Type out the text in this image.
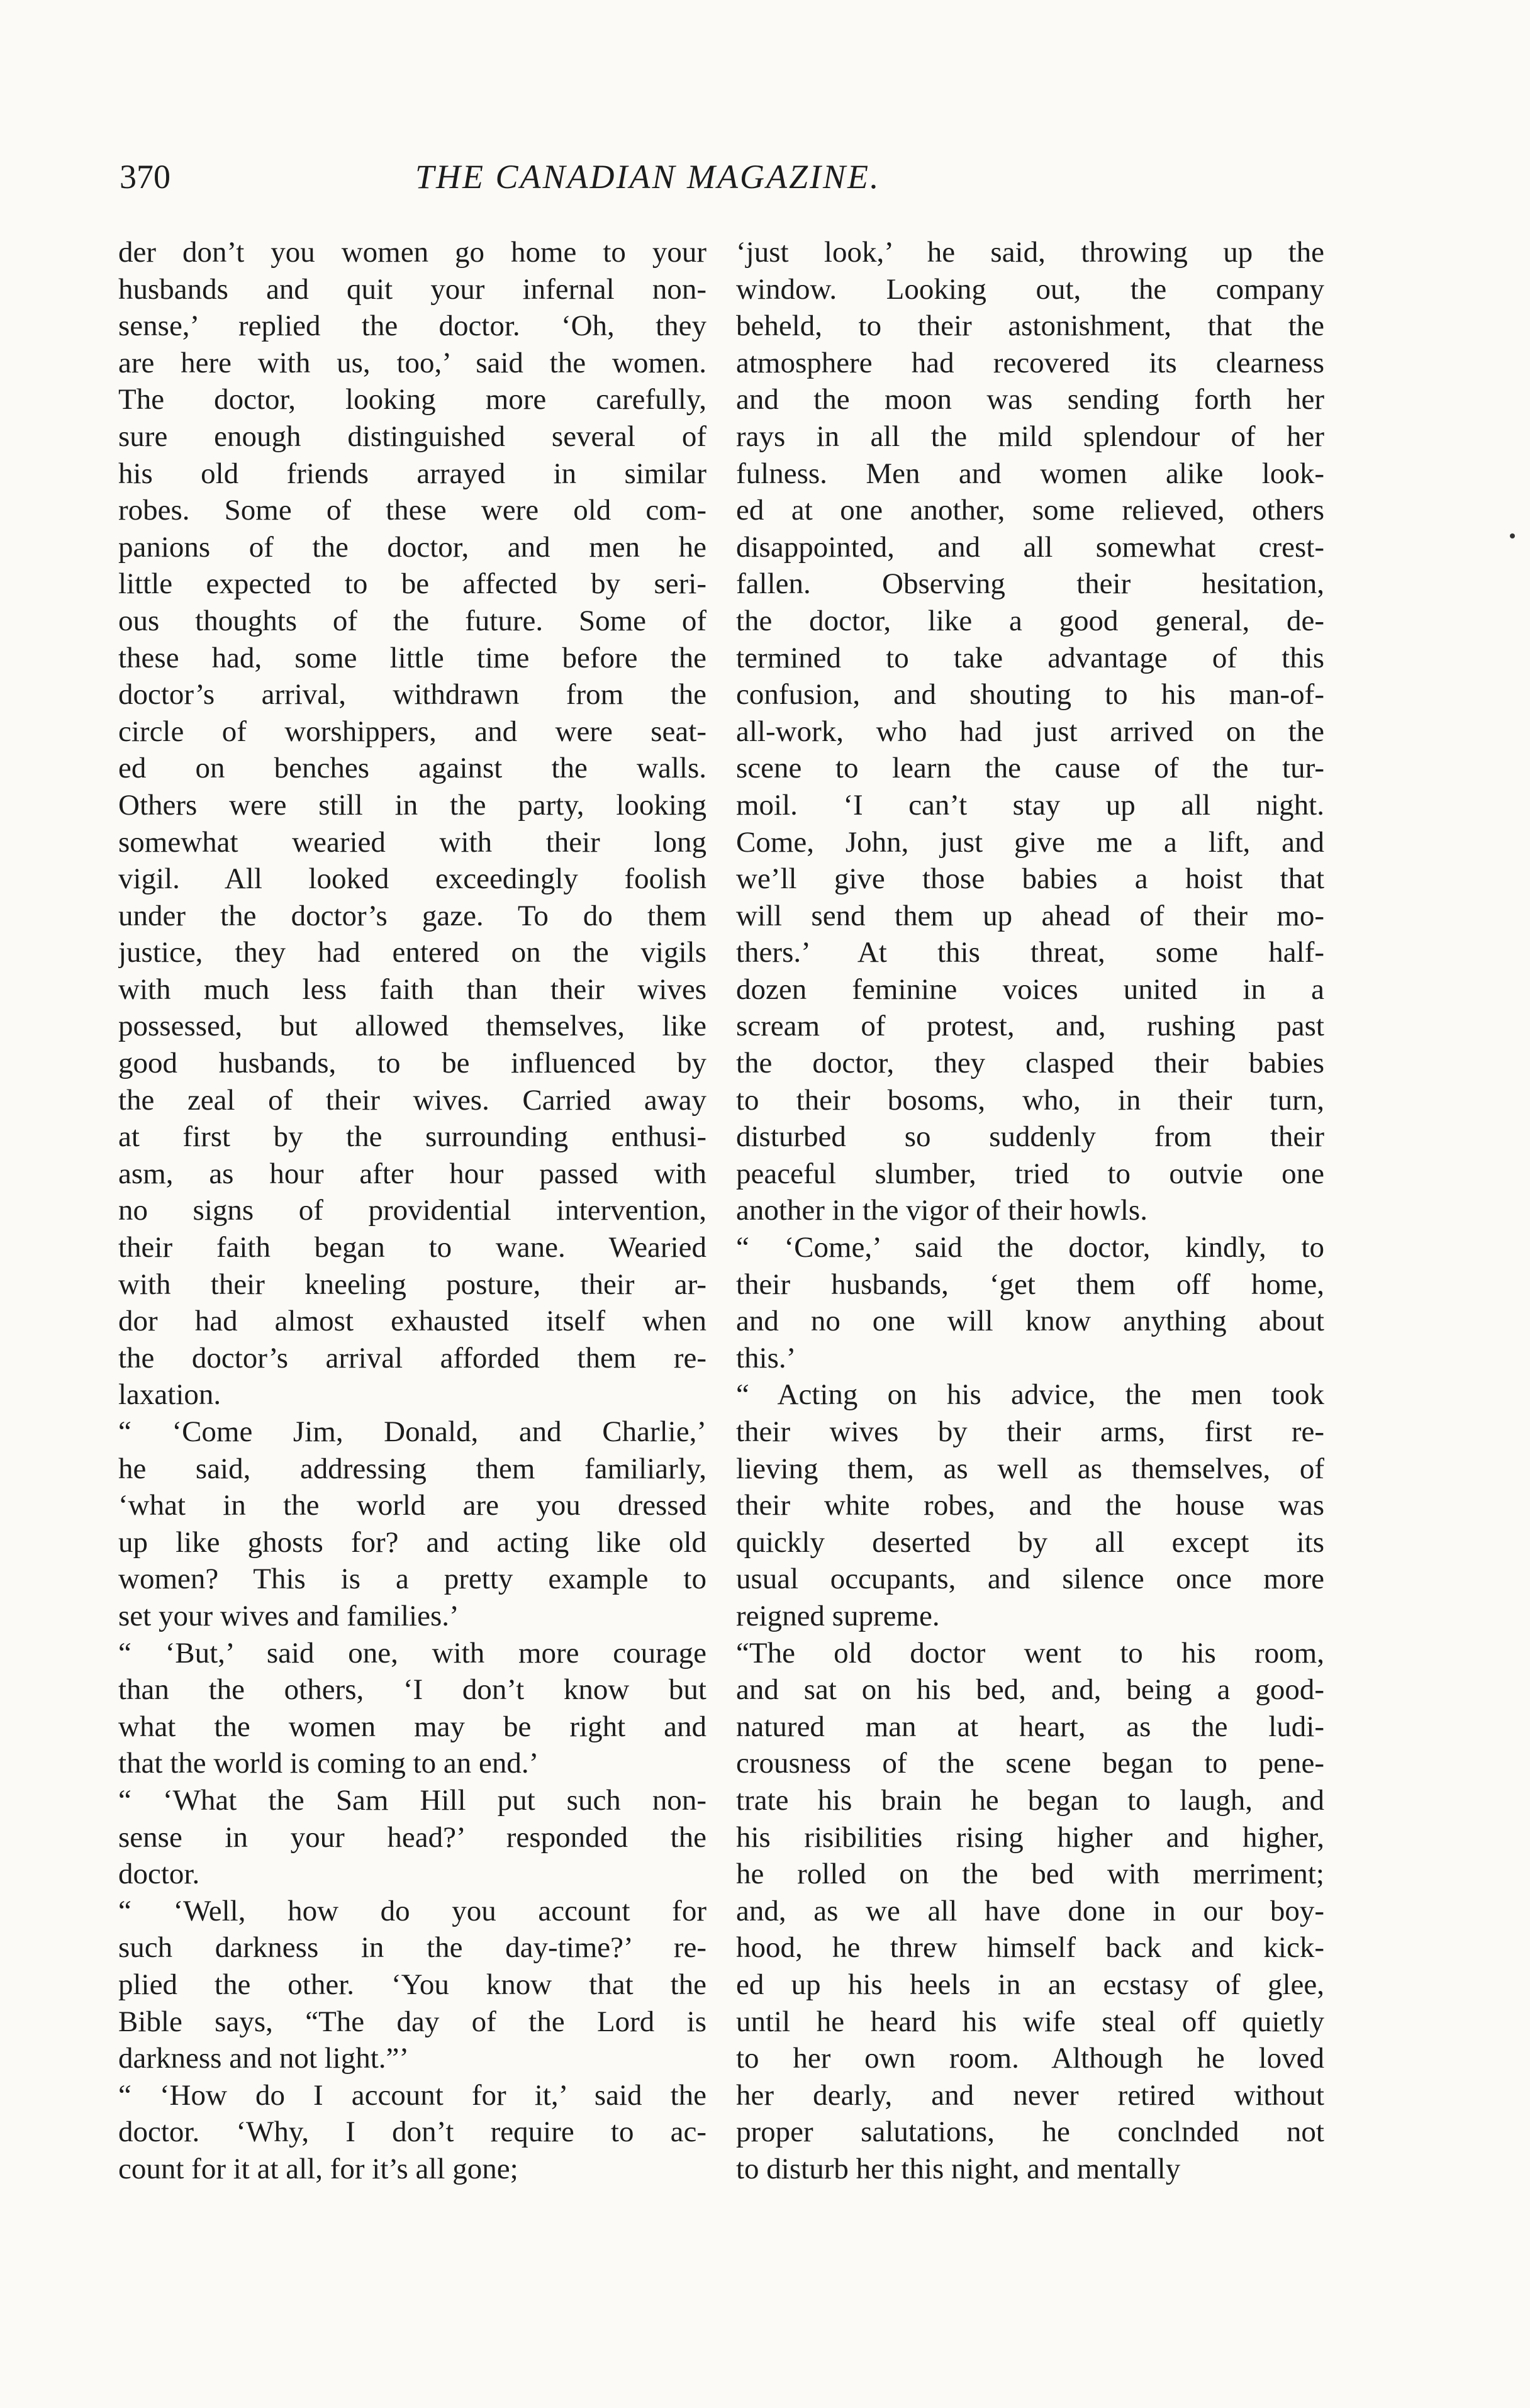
370	THE CANADIAN MAGAZINE.
der don’t you women go home to your
husbands and quit your infernal non-
sense,’ replied the doctor. ‘Oh, they
are here with us, too,’ said the women.
The doctor, looking more carefully,
sure enough distinguished several of
his old friends arrayed in similar
robes. Some of these were old com-
panions of the doctor, and men he
little expected to be affected by seri-
ous thoughts of the future. Some of
these had, some little time before the
doctor’s arrival, withdrawn from the
circle of worshippers, and were seat-
ed on benches against the walls.
Others were still in the party, looking
somewhat wearied with their long
vigil. All looked exceedingly foolish
under the doctor’s gaze. To do them
justice, they had entered on the vigils
with much less faith than their wives
possessed, but allowed themselves, like
good husbands, to be influenced by
the zeal of their wives. Carried away
at first by the surrounding enthusi-
asm, as hour after hour passed with
no signs of providential intervention,
their faith began to wane. Wearied
with their kneeling posture, their ar-
dor had almost exhausted itself when
the doctor’s arrival afforded them re-
laxation.
“ ‘Come Jim, Donald, and Charlie,’
he said, addressing them familiarly,
‘what in the world are you dressed
up like ghosts for? and acting like old
women? This is a pretty example to
set your wives and families.’
“ ‘But,’ said one, with more courage
than the others, ‘I don’t know but
what the women may be right and
that the world is coming to an end.’
“ ‘What the Sam Hill put such non-
sense in your head?’ responded the
doctor.
“ ‘Well, how do you account for
such darkness in the day-time?’ re-
plied the other. ‘You know that the
Bible says, “The day of the Lord is
darkness and not light.”’
“ ‘How do I account for it,’ said the
doctor. ‘Why, I don’t require to ac-
count for it at all, for it’s all gone;
‘just look,’ he said, throwing up the
window. Looking out, the company
beheld, to their astonishment, that the
atmosphere had recovered its clearness
and the moon was sending forth her
rays in all the mild splendour of her
fulness. Men and women alike look-
ed at one another, some relieved, others
disappointed, and all somewhat crest-
fallen. Observing their hesitation,
the doctor, like a good general, de-
termined to take advantage of this
confusion, and shouting to his man-of-
all-work, who had just arrived on the
scene to learn the cause of the tur-
moil. ‘I can’t stay up all night.
Come, John, just give me a lift, and
we’ll give those babies a hoist that
will send them up ahead of their mo-
thers.’ At this threat, some half-
dozen feminine voices united in a
scream of protest, and, rushing past
the doctor, they clasped their babies
to their bosoms, who, in their turn,
disturbed so suddenly from their
peaceful slumber, tried to outvie one
another in the vigor of their howls.
“ ‘Come,’ said the doctor, kindly, to
their husbands, ‘get them off home,
and no one will know anything about
this.’
“ Acting on his advice, the men took
their wives by their arms, first re-
lieving them, as well as themselves, of
their white robes, and the house was
quickly deserted by all except its
usual occupants, and silence once more
reigned supreme.
“The old doctor went to his room,
and sat on his bed, and, being a good-
natured man at heart, as the ludi-
crousness of the scene began to pene-
trate his brain he began to laugh, and
his risibilities rising higher and higher,
he rolled on the bed with merriment;
and, as we all have done in our boy-
hood, he threw himself back and kick-
ed up his heels in an ecstasy of glee,
until he heard his wife steal off quietly
to her own room. Although he loved
her dearly, and never retired without
proper salutations, he conclnded not
to disturb her this night, and mentally
